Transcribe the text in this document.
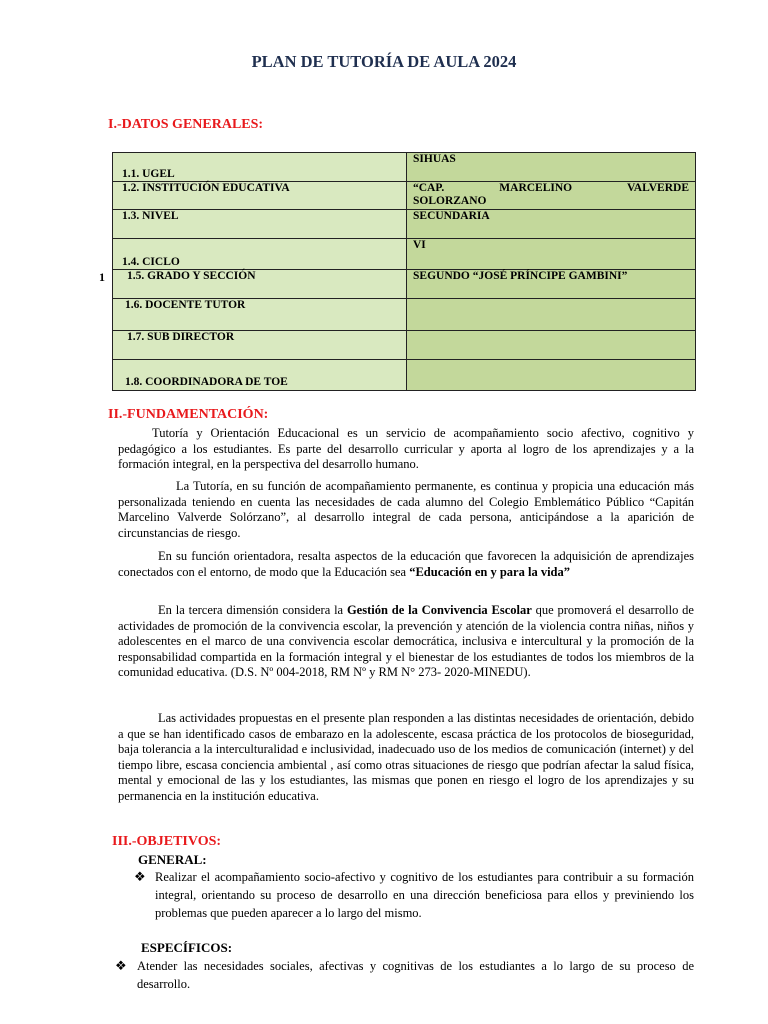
PLAN DE TUTORÍA DE AULA 2024
I.-DATOS GENERALES:
1
1.1. UGEL	SIHUAS
1.2. INSTITUCIÓN EDUCATIVA	“CAP. MARCELINO VALVERDE
SOLORZANO

1.3. NIVEL	SECUNDARIA
1.4. CICLO	VI
1.5. GRADO Y SECCIÓN	SEGUNDO “JOSÉ PRÍNCIPE GAMBINI”
1.6. DOCENTE TUTOR	
1.7. SUB DIRECTOR	
1.8. COORDINADORA DE TOE	
II.-FUNDAMENTACIÓN:

Tutoría y Orientación Educacional es un servicio de acompañamiento socio afectivo, cognitivo y pedagógico a los estudiantes. Es parte del desarrollo curricular y aporta al logro de los aprendizajes y a la formación integral, en la perspectiva del desarrollo humano.

La Tutoría, en su función de acompañamiento permanente, es continua y propicia una educación más personalizada teniendo en cuenta las necesidades de cada alumno del Colegio Emblemático Público “Capitán Marcelino Valverde Solórzano”, al desarrollo integral de cada persona, anticipándose a la aparición de circunstancias de riesgo.

En su función orientadora, resalta aspectos de la educación que favorecen la adquisición de aprendizajes conectados con el entorno, de modo que la Educación sea “Educación en y para la vida”

En la tercera dimensión considera la Gestión de la Convivencia Escolar que promoverá el desarrollo de actividades de promoción de la convivencia escolar, la prevención y atención de la violencia contra niñas, niños y adolescentes en el marco de una convivencia escolar democrática, inclusiva e intercultural y la promoción de la responsabilidad compartida en la formación integral y el bienestar de los estudiantes de todos los miembros de la comunidad educativa. (D.S. Nº 004-2018, RM Nº y RM N° 273- 2020-MINEDU).

Las actividades propuestas en el presente plan responden a las distintas necesidades de orientación, debido a que se han identificado casos de embarazo en la adolescente, escasa práctica de los protocolos de bioseguridad, baja tolerancia a la interculturalidad e inclusividad, inadecuado uso de los medios de comunicación (internet) y del tiempo libre, escasa conciencia ambiental , así como otras situaciones de riesgo que podrían afectar la salud física, mental y emocional de las y los estudiantes, las mismas que ponen en riesgo el logro de los aprendizajes y su permanencia en la institución educativa.

III.-OBJETIVOS:
GENERAL:
❖ Realizar el acompañamiento socio-afectivo y cognitivo de los estudiantes para contribuir a su formación integral, orientando su proceso de desarrollo en una dirección beneficiosa para ellos y previniendo los problemas que pueden aparecer a lo largo del mismo.
ESPECÍFICOS:
❖ Atender las necesidades sociales, afectivas y cognitivas de los estudiantes a lo largo de su proceso de desarrollo.
